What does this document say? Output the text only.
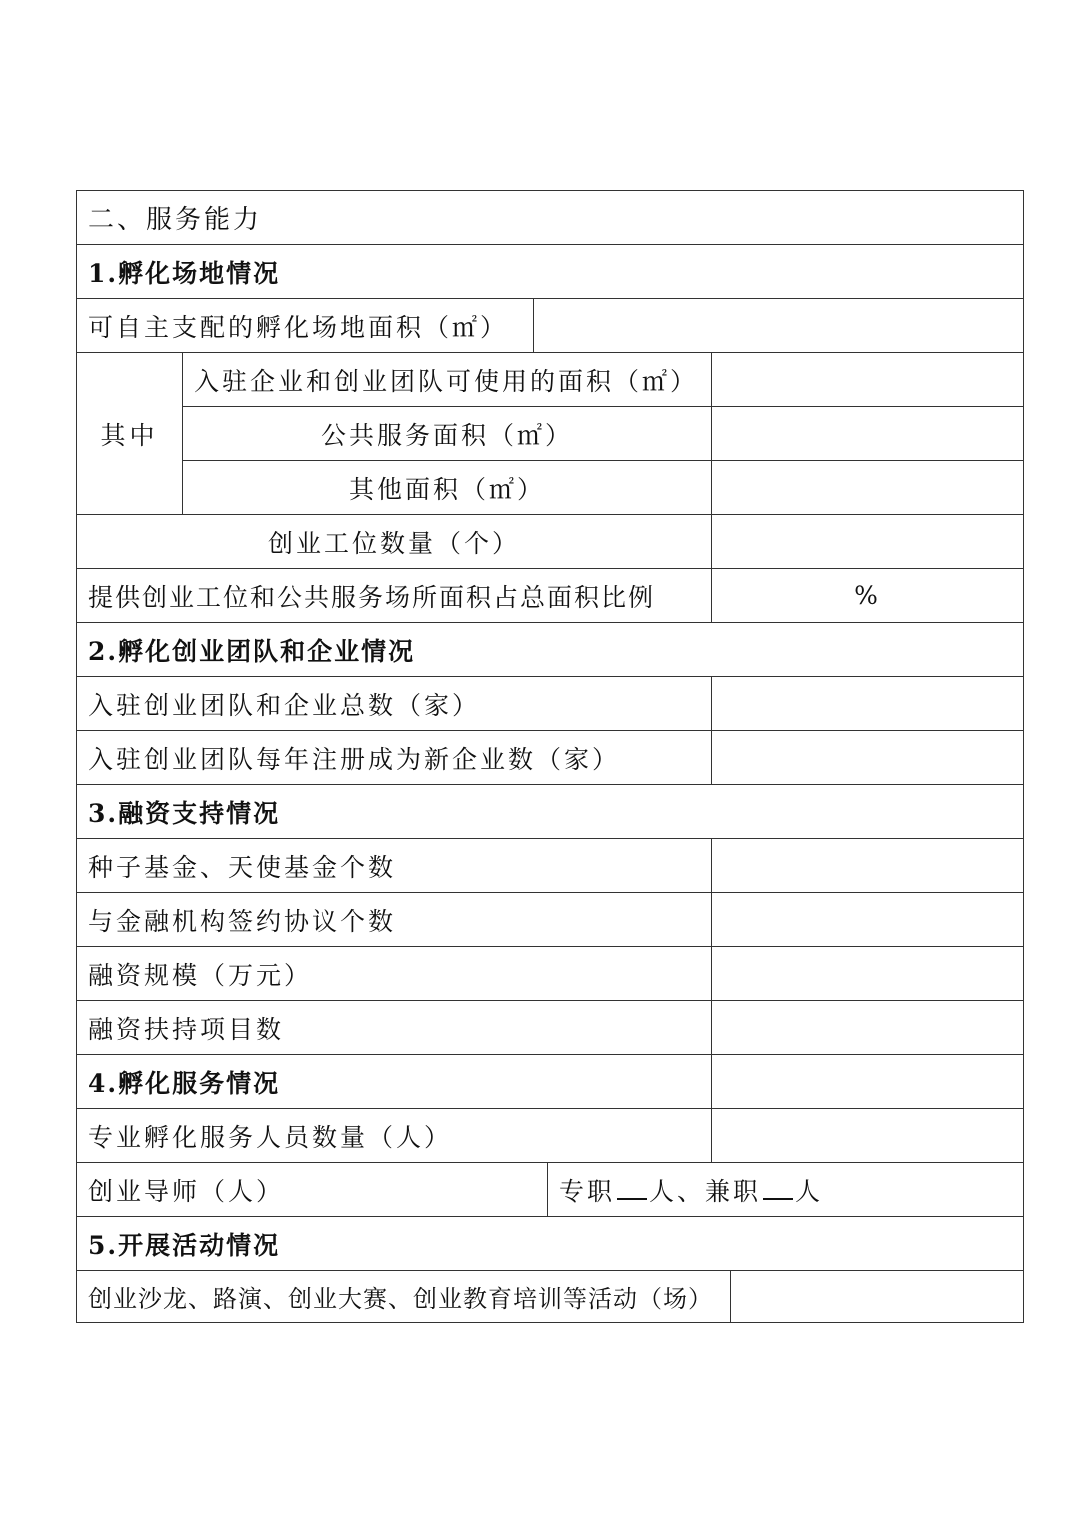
二、服务能力
1.孵化场地情况
可自主支配的孵化场地面积（㎡）
其中
入驻企业和创业团队可使用的面积（㎡）
公共服务面积（㎡）
其他面积（㎡）
创业工位数量（个）
提供创业工位和公共服务场所面积占总面积比例	%
2.孵化创业团队和企业情况
入驻创业团队和企业总数（家）
入驻创业团队每年注册成为新企业数（家）
3.融资支持情况
种子基金、天使基金个数
与金融机构签约协议个数
融资规模（万元）
融资扶持项目数
4.孵化服务情况
专业孵化服务人员数量（人）
创业导师（人）	专职 人 、兼职 人
5.开展活动情况
创业沙龙、路演、创业大赛、创业教育培训等活动（场）
